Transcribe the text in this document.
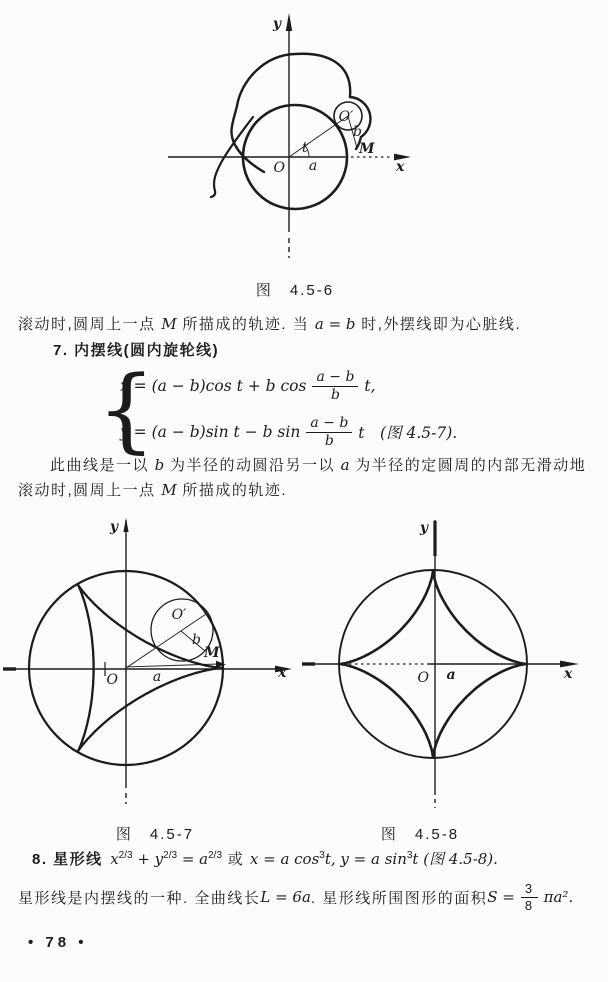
y
x
O
O′
a
b
M
t
图　4.5-6
滚动时,圆周上一点 M 所描成的轨迹. 当 a = b 时,外摆线即为心脏线.
7. 内摆线(圆内旋轮线)
{
x = (a − b)cos t + b $\cos \frac{a - b}{b} t$,
y = (a − b)sin t − b $\sin \frac{a - b}{b}$ t　(图 4.5-7).
此曲线是一以 b 为半径的动圆沿另一以 a 为半径的定圆周的内部无滑动地
滚动时,圆周上一点 M 所描成的轨迹.
y
x
O
O′
a
b
M
图　4.5-7
y
x
O a
图　4.5-8
8. 星形线  $x^{2/3} + y^{2/3} = a^{2/3}$ 或 x = a $\cos^3t$, y = a $\sin^3t$ (图 4.5-8).
星形线是内摆线的一种. 全曲线长 L = 6a . 星形线所围图形的面积 $S = \frac{3}{8} \pi a^2$.
• 78 •
